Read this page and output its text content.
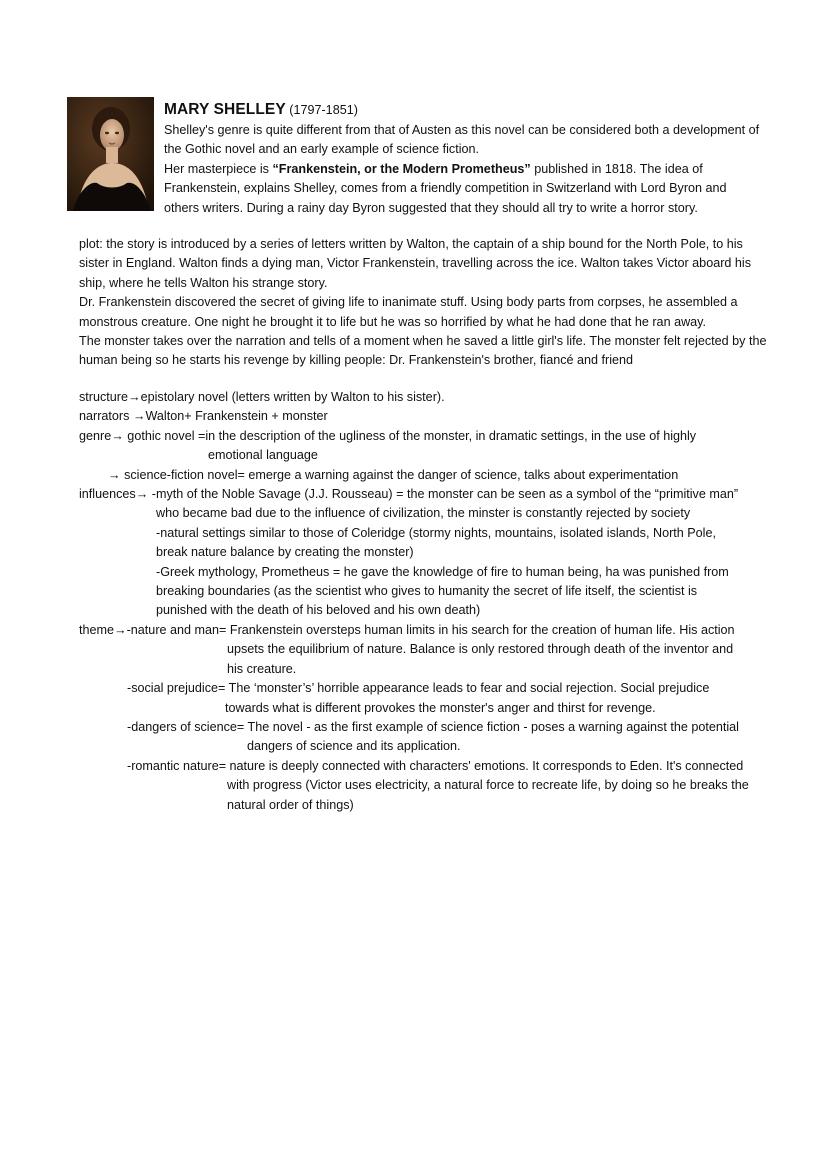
MARY SHELLEY (1797-1851)

Shelley's genre is quite different from that of Austen as this novel can be considered both a development of the Gothic novel and an early example of science fiction.

Her masterpiece is “Frankenstein, or the Modern Prometheus” published in 1818. The idea of Frankenstein, explains Shelley, comes from a friendly competition in Switzerland with Lord Byron and others writers. During a rainy day Byron suggested that they should all try to write a horror story.

plot: the story is introduced by a series of letters written by Walton, the captain of a ship bound for the North Pole, to his sister in England. Walton finds a dying man, Victor Frankenstein, travelling across the ice. Walton takes Victor aboard his ship, where he tells Walton his strange story.

Dr. Frankenstein discovered the secret of giving life to inanimate stuff. Using body parts from corpses, he assembled a monstrous creature. One night he brought it to life but he was so horrified by what he had done that he ran away.

The monster takes over the narration and tells of a moment when he saved a little girl's life. The monster felt rejected by the human being so he starts his revenge by killing people: Dr. Frankenstein's brother, fiancé and friend

structure→epistolary novel (letters written by Walton to his sister).
narrators →Walton+ Frankenstein + monster
genre→ gothic novel =in the description of the ugliness of the monster, in dramatic settings, in the use of highly
emotional language
→ science-fiction novel= emerge a warning against the danger of science, talks about experimentation
influences→ -myth of the Noble Savage (J.J. Rousseau) = the monster can be seen as a symbol of the “primitive man”
who became bad due to the influence of civilization, the minster is constantly rejected by society
-natural settings similar to those of Coleridge (stormy nights, mountains, isolated islands, North Pole,
break nature balance by creating the monster)
-Greek mythology, Prometheus = he gave the knowledge of fire to human being, ha was punished from
breaking boundaries (as the scientist who gives to humanity the secret of life itself, the scientist is
punished with the death of his beloved and his own death)
theme→-nature and man= Frankenstein oversteps human limits in his search for the creation of human life. His action
upsets the equilibrium of nature. Balance is only restored through death of the inventor and
his creature.
-social prejudice= The ‘monster’s’ horrible appearance leads to fear and social rejection. Social prejudice
towards what is different provokes the monster's anger and thirst for revenge.
-dangers of science= The novel - as the first example of science fiction - poses a warning against the potential
dangers of science and its application.
-romantic nature= nature is deeply connected with characters' emotions. It corresponds to Eden. It's connected
with progress (Victor uses electricity, a natural force to recreate life, by doing so he breaks the
natural order of things)
